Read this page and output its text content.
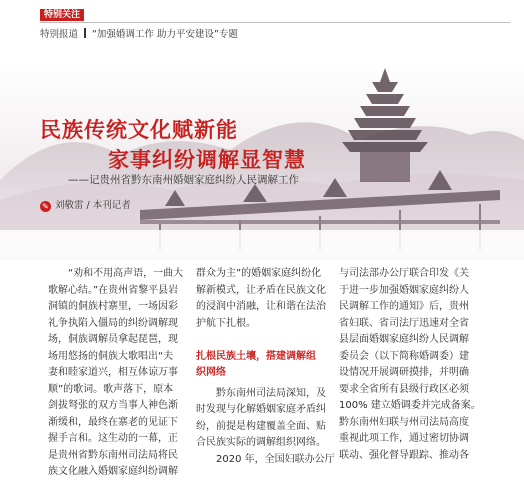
特别关注
特别报道 “加强婚调工作 助力平安建设”专题
民族传统文化赋新能
家事纠纷调解显智慧
——记贵州省黔东南州婚姻家庭纠纷人民调解工作
✎ 刘敬雷 / 本刊记者
“劝和不用高声语，一曲大
歌解心结。”在贵州省黎平县岩
洞镇的侗族村寨里，一场因彩
礼争执陷入僵局的纠纷调解现
场，侗族调解员拿起琵琶，现
场用悠扬的侗族大歌唱出“夫
妻和睦家道兴，相互体谅万事
顺”的歌词。歌声落下，原本
剑拔弩张的双方当事人神色渐
渐缓和，最终在寨老的见证下
握手言和。这生动的一幕，正
是贵州省黔东南州司法局将民
族文化融入婚姻家庭纠纷调解
群众为主”的婚姻家庭纠纷化
解新模式，让矛盾在民族文化
的浸润中消融，让和谐在法治
护航下扎根。
扎根民族土壤，搭建调解组
织网络
黔东南州司法局深知，及
时发现与化解婚姻家庭矛盾纠
纷，前提是构建覆盖全面、贴
合民族实际的调解组织网络。
2020 年，全国妇联办公厅
与司法部办公厅联合印发《关
于进一步加强婚姻家庭纠纷人
民调解工作的通知》后，贵州
省妇联、省司法厅迅速对全省
县层面婚姻家庭纠纷人民调解
委员会（以下简称婚调委）建
设情况开展调研摸排，并明确
要求全省所有县级行政区必须
100% 建立婚调委并完成备案。
黔东南州妇联与州司法局高度
重视此项工作，通过密切协调
联动、强化督导跟踪、推动各
